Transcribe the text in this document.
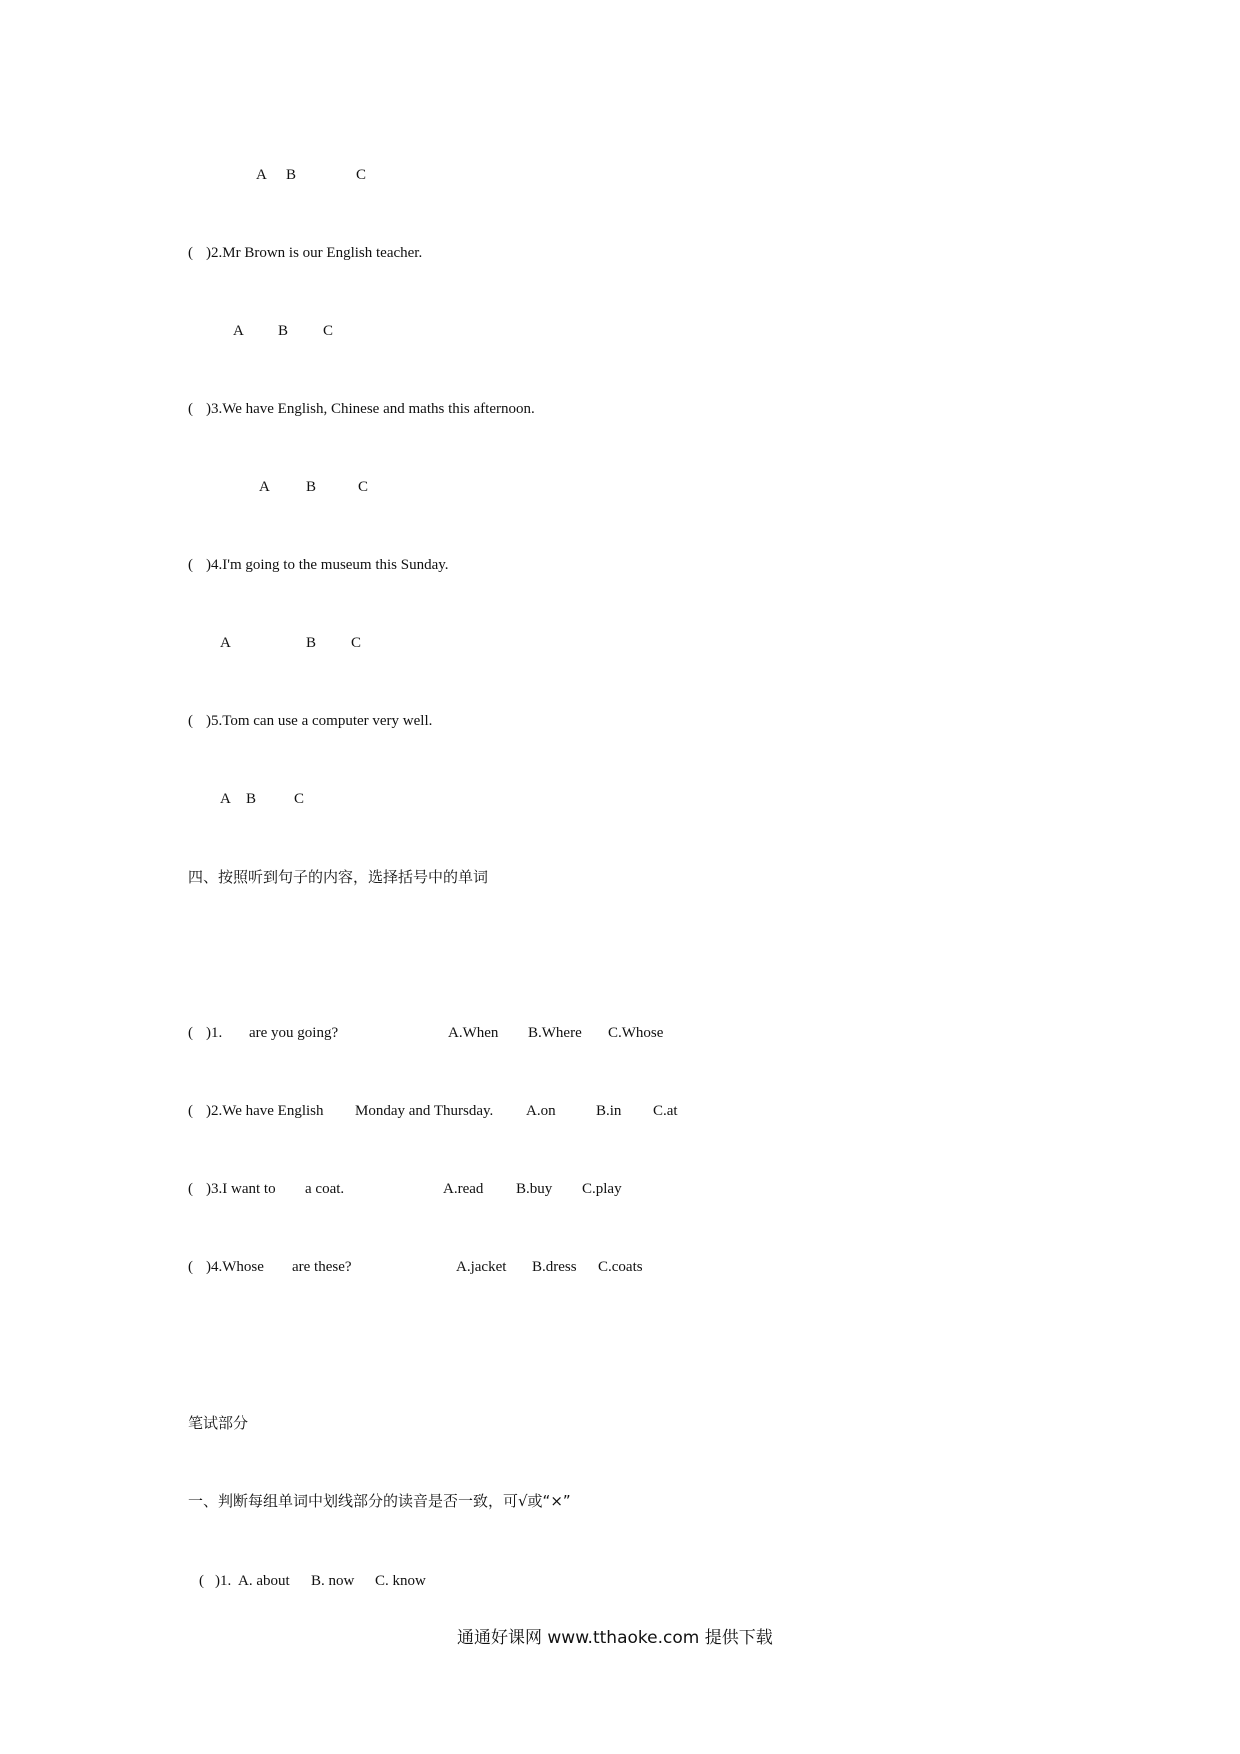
A B	C
( )2.Mr Brown is our English teacher.
A B C
( )3.We have English, Chinese and maths this afternoon.
A B	C
( )4.I'm going to the museum this Sunday.
A	B C
( )5.Tom can use a computer very well.
A B	C
四、按照听到句子的内容，选择括号中的单词
( )1. are you going?	A.When B.Where C.Whose
( )2.We have English Monday and Thursday. A.on	B.in C.at
( )3.I want to a coat.	A.read B.buy C.play
( )4.Whose are these?	A.jacket B.dress C.coats
笔试部分
一、判断每组单词中划线部分的读音是否一致，可√或“×”
( )1. A. about B. now C. know
通通好课网 www.tthaoke.com 提供下载
